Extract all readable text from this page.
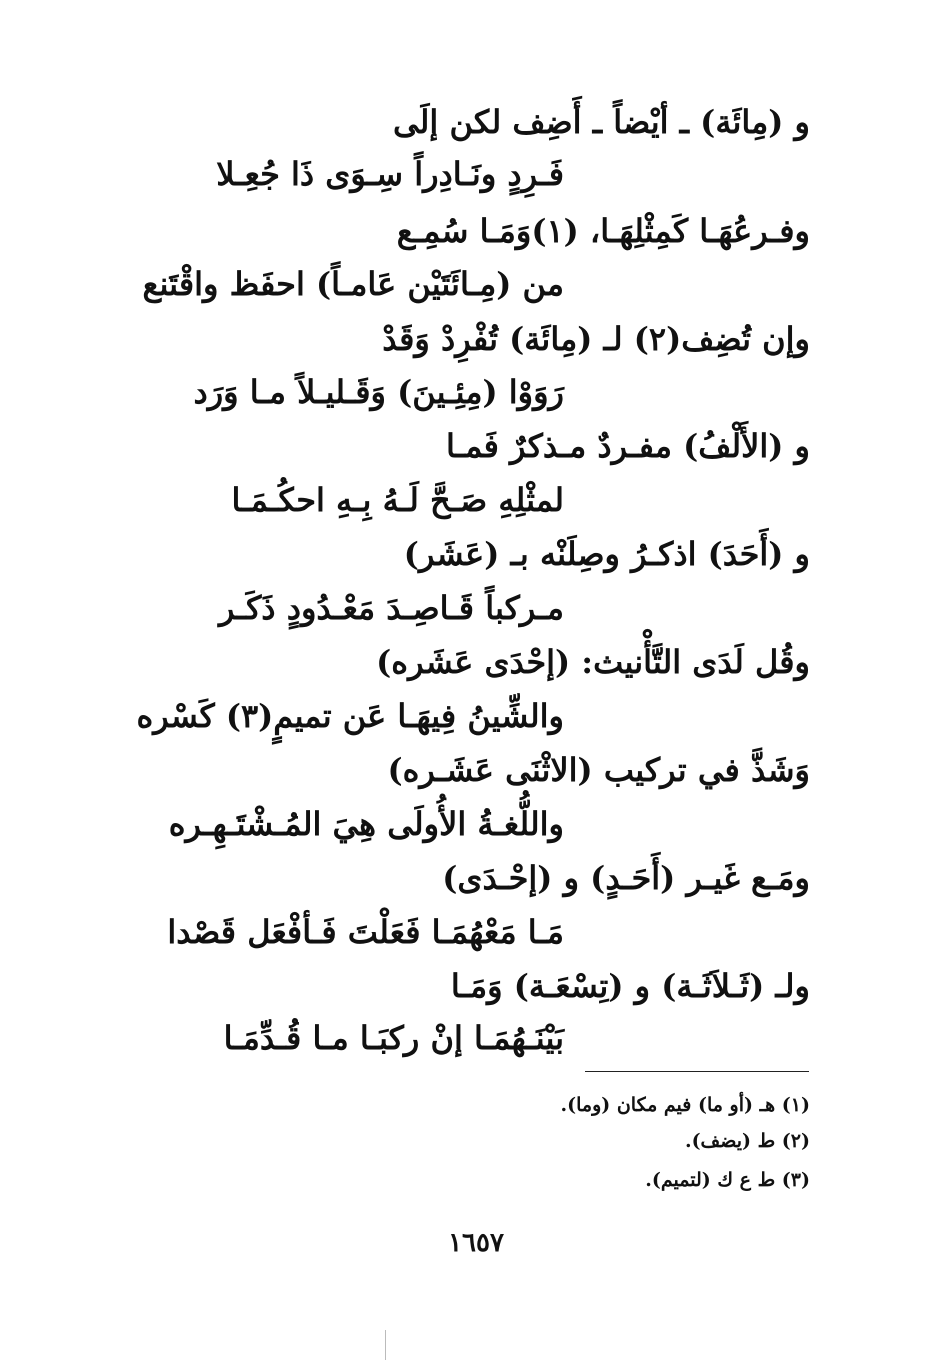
و (مِائَة) ـ أيْضاً ـ أَضِف لكن إلَى
فَـرِدٍ ونَـادِراً سِـوَى ذَا جُعِـلا
وفـرعُهَـا كَمِثْلِهَـا، (١)وَمَـا سُمِـع
من (مِـائَتَيْن عَامـاً) احفَظ واقْتَنع
وإن تُضِف(٢) لـ (مِائَة) تُفْرِدْ وَقَدْ
رَوَوْا (مِئِـينَ) وَقَـليـلاً مـا وَرَد
و (الأَلْفُ) مفـردٌ مـذكرٌ فَمـا
لمثْلِهِ صَـحَّ لَـهُ بِـهِ احكُـمَـا
و (أَحَدَ) اذكـرُ وصِلَنْه بـ (عَشَر)
مـركباً قَـاصِـدَ مَعْـدُودٍ ذَكَـر
وقُل لَدَى التَّأْنيث: (إحْدَى عَشَره)
والشِّينُ فِيهَـا عَن تميمٍ(٣) كَسْره
وَشَذَّ في تركيب (الاثْنَى عَشَـره)
واللُّغـةُ الأُولَى هِيَ المُـشْتَـهِـره
ومَـع غَيـر (أَحَـدٍ) و (إحْـدَى)
مَـا مَعْهُمَـا فَعَلْتَ فَـأفْعَل قَصْدا
ولـ (ثَـلاَثَـة) و (تِسْعَـة) وَمَـا
بَيْنَـهُمَـا إنْ ركبَـا مـا قُـدِّمَـا
(١) هـ (أو ما) فيم مكان (وما).
(٢) ط (يضف).
(٣) ط ع ك (لتميم).
١٦٥٧
